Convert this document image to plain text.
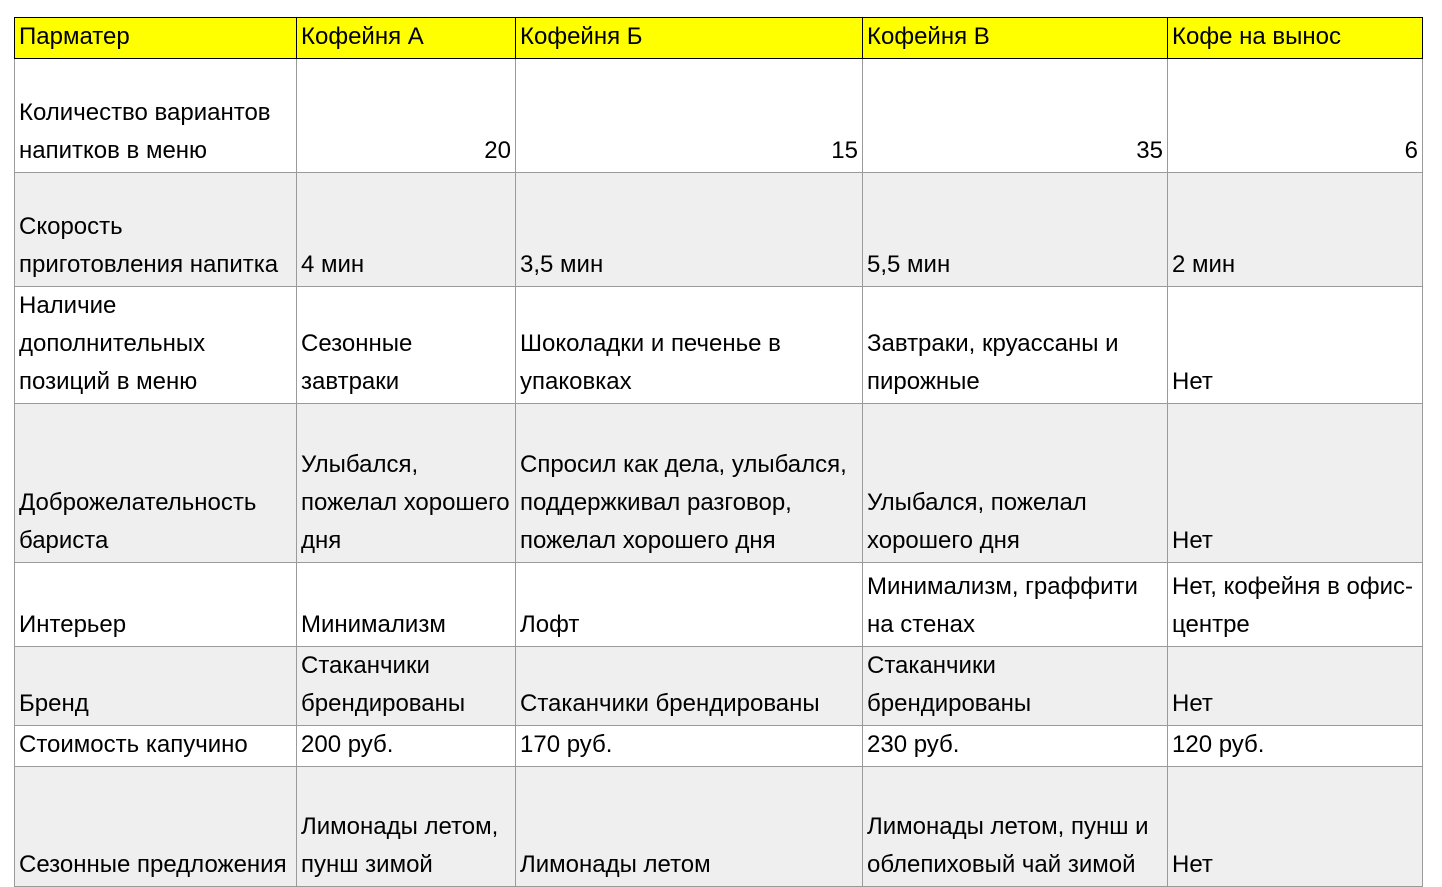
Парматер	Кофейня А	Кофейня Б	Кофейня В	Кофе на вынос

Количество вариантов напитков в меню	20	15	35	6

Скорость приготовления напитка	4 мин	3,5 мин	5,5 мин	2 мин

Наличие дополнительных позиций в меню	Сезонные завтраки	Шоколадки и печенье в упаковках	Завтраки, круассаны и пирожные	Нет

Доброжелательность бариста	Улыбался, пожелал хорошего дня	Спросил как дела, улыбался, поддержкивал разговор, пожелал хорошего дня	Улыбался, пожелал хорошего дня	Нет

Интерьер	Минимализм	Лофт	Минимализм, граффити на стенах	Нет, кофейня в офис-центре

Бренд	Стаканчики брендированы	Стаканчики брендированы	Стаканчики брендированы	Нет

Стоимость капучино	200 руб.	170 руб.	230 руб.	120 руб.

Сезонные предложения	Лимонады летом, пунш зимой	Лимонады летом	Лимонады летом, пунш и облепиховый чай зимой	Нет
